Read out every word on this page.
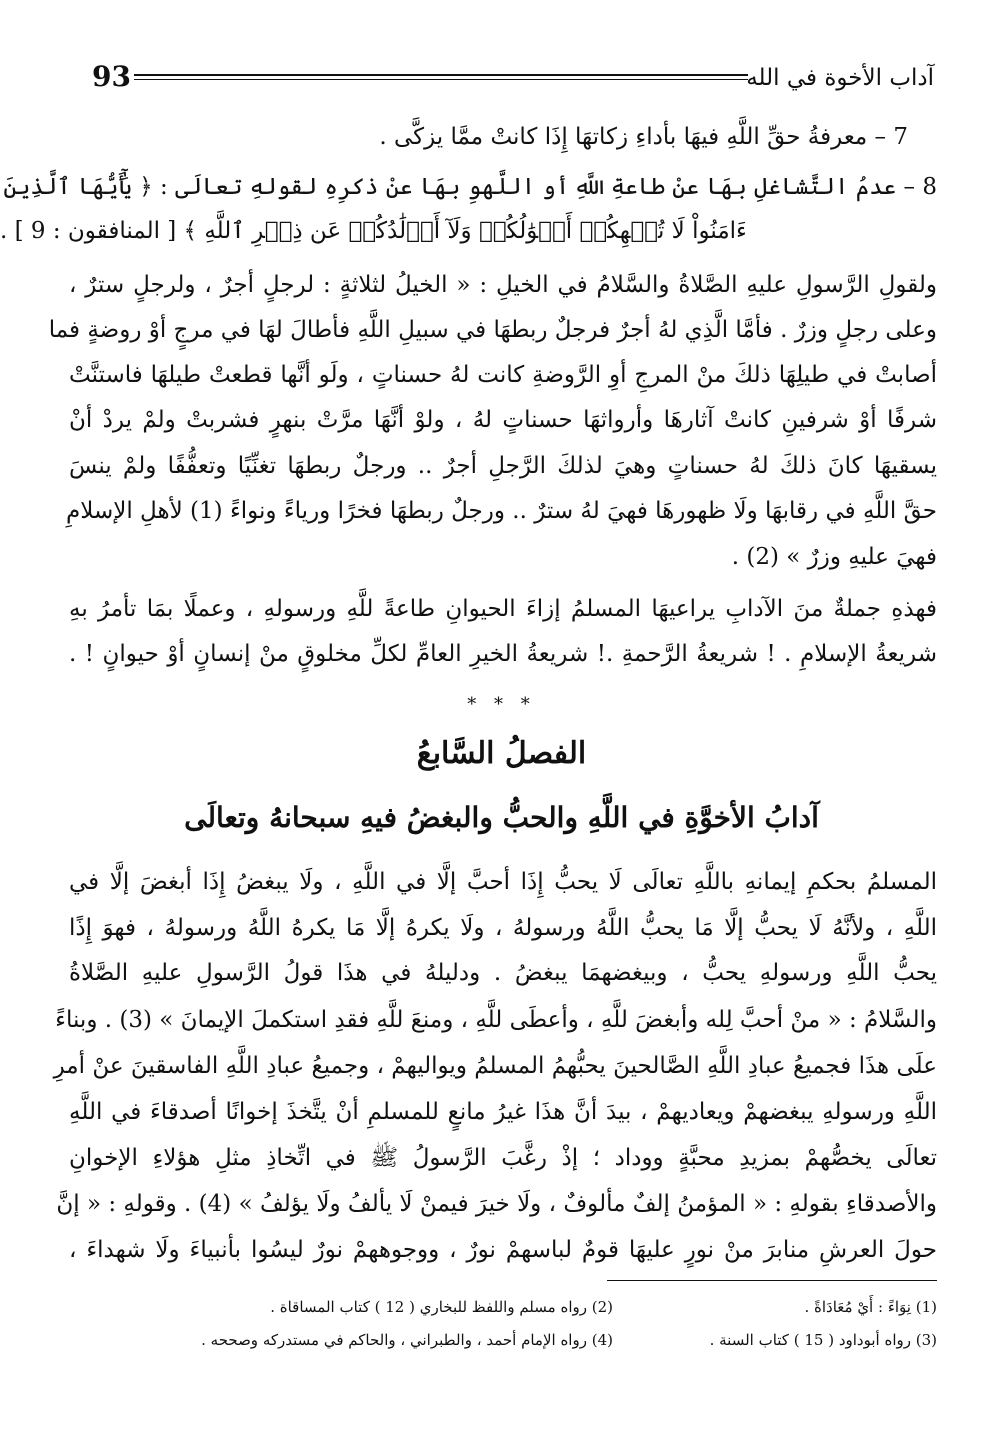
93	آداب الأخوة في الله
7 – معرفةُ حقِّ اللَّهِ فيهَا بأداءِ زكاتهَا إِذَا كانتْ ممَّا يزكَّى .
8 – عدمُ التَّشاغلِ بهَا عنْ طاعةِ اللَّهِ أو اللَّهوِ بهَا عنْ ذكرِهِ لقولهِ تعالَى : ﴿ يَٰٓأَيُّهَا ٱلَّذِينَ
ءَامَنُواْ لَا تُلۡهِكُمۡ أَمۡوَٰلُكُمۡ وَلَآ أَوۡلَٰدُكُمۡ عَن ذِكۡرِ ٱللَّهِ ﴾ [ المنافقون : 9 ] .
ولقولِ الرَّسولِ عليهِ الصَّلاةُ والسَّلامُ في الخيلِ : « الخيلُ لثلاثةٍ : لرجلٍ أجرٌ ، ولرجلٍ سترٌ ،
وعلى رجلٍ وزرٌ . فأمَّا الَّذِي لهُ أجرٌ فرجلٌ ربطهَا في سبيلِ اللَّهِ فأطالَ لهَا في مرجٍ أوْ روضةٍ فما
أصابتْ في طيلِهَا ذلكَ منْ المرجِ أوِ الرَّوضةِ كانت لهُ حسناتٍ ، ولَو أنَّها قطعتْ طيلهَا فاستنَّتْ
شرفًا أوْ شرفينِ كانتْ آثارهَا وأرواثهَا حسناتٍ لهُ ، ولوْ أنَّهَا مرَّتْ بنهرٍ فشربتْ ولمْ يردْ أنْ
يسقيهَا كانَ ذلكَ لهُ حسناتٍ وهيَ لذلكَ الرَّجلِ أجرٌ .. ورجلٌ ربطهَا تغنِّيًا وتعفُّفًا ولمْ ينسَ
حقَّ اللَّهِ في رقابهَا ولَا ظهورهَا فهيَ لهُ سترٌ .. ورجلٌ ربطهَا فخرًا ورياءً ونواءً (1) لأهلِ الإسلامِ
فهيَ عليهِ وزرٌ » (2) .
فهذهِ جملةٌ منَ الآدابِ يراعيهَا المسلمُ إزاءَ الحيوانِ طاعةً للَّهِ ورسولهِ ، وعملًا بمَا تأمرُ بهِ
شريعةُ الإسلامِ . ! شريعةُ الرَّحمةِ .! شريعةُ الخيرِ العامِّ لكلِّ مخلوقٍ منْ إنسانٍ أوْ حيوانٍ ! .
* * *
الفصلُ السَّابعُ
آدابُ الأخوَّةِ في اللَّهِ والحبُّ والبغضُ فيهِ سبحانهُ وتعالَى
المسلمُ بحكمِ إيمانهِ باللَّهِ تعالَى لَا يحبُّ إِذَا أحبَّ إلَّا في اللَّهِ ، ولَا يبغضُ إِذَا أبغضَ إلَّا في
اللَّهِ ، ولأنَّهُ لَا يحبُّ إلَّا مَا يحبُّ اللَّهُ ورسولهُ ، ولَا يكرهُ إلَّا مَا يكرهُ اللَّهُ ورسولهُ ، فهوَ إِذًا
يحبُّ اللَّهِ ورسولهِ يحبُّ ، وبيغضهمَا يبغضُ . ودليلهُ في هذَا قولُ الرَّسولِ عليهِ الصَّلاةُ
والسَّلامُ : « منْ أحبَّ لِله وأبغضَ للَّهِ ، وأعطَى للَّهِ ، ومنعَ للَّهِ فقدِ استكملَ الإيمانَ » (3) . وبناءً
علَى هذَا فجميعُ عبادِ اللَّهِ الصَّالحينَ يحبُّهمُ المسلمُ ويواليهمْ ، وجميعُ عبادِ اللَّهِ الفاسقينَ عنْ أمرِ
اللَّهِ ورسولهِ يبغضهمْ ويعاديهمْ ، بيدَ أنَّ هذَا غيرُ مانعٍ للمسلمِ أنْ يتَّخذَ إخوانًا أصدقاءَ في اللَّهِ
تعالَى يخصُّهمْ بمزيدِ محبَّةٍ ووداد ؛ إذْ رغَّبَ الرَّسولُ ﷺ في اتِّخاذِ مثلِ هؤلاءِ الإخوانِ
والأصدقاءِ بقولهِ : « المؤمنُ إلفٌ مألوفٌ ، ولَا خيرَ فيمنْ لَا يألفُ ولَا يؤلفُ » (4) . وقولهِ : « إنَّ
حولَ العرشِ منابرَ منْ نورٍ عليهَا قومٌ لباسهمْ نورٌ ، ووجوههمْ نورٌ ليسُوا بأنبياءَ ولَا شهداءَ ،
(1) نِوَاءً : أَيْ مُعَادَاةً .
(2) رواه مسلم واللفظ للبخاري ( 12 ) كتاب المساقاة .
(3) رواه أبوداود ( 15 ) كتاب السنة .
(4) رواه الإمام أحمد ، والطبراني ، والحاكم في مستدركه وصححه .
